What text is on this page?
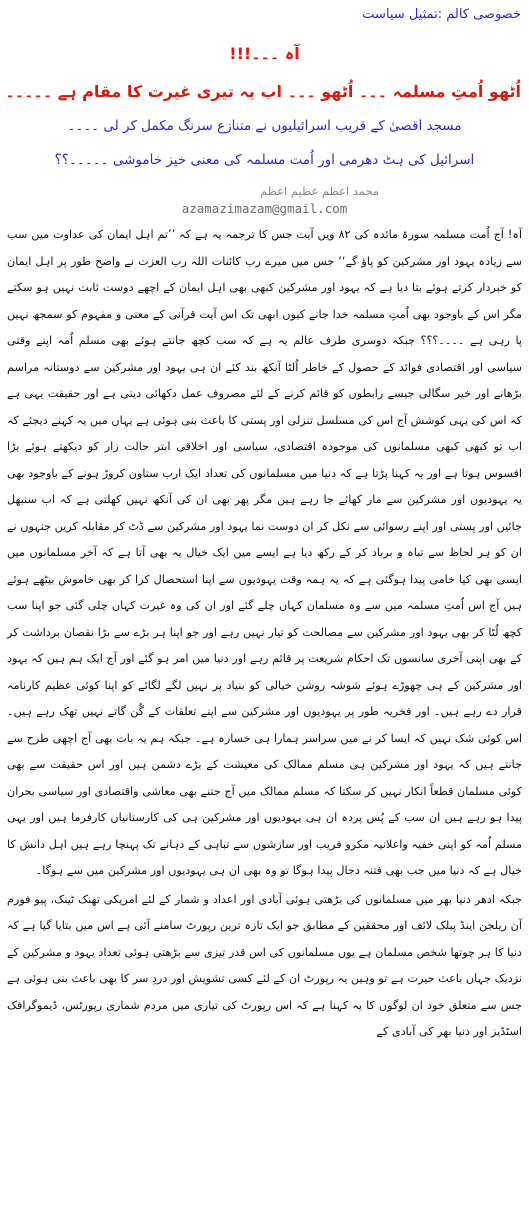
خصوصی کالم :تمثیل سیاست
آہ ۔۔۔!!!
اُٹھو اُمتِ مسلمہ ۔۔۔ اُٹھو ۔۔۔ اب یہ تیری غیرت کا مقام ہے ۔۔۔۔۔
مسجد اقصیٰ کے قریب اسرائیلیوں نے متنازع سرنگ مکمل کر لی ۔۔۔۔
اسرائیل کی ہٹ دھرمی اور اُمت مسلمہ کی معنی خیز خاموشی ۔۔۔۔۔؟؟
محمد اعظم عظیم اعظم
azamazimazam@gmail.com

آہ! آج اُمت مسلمہ سورۃ مائدہ کی ۸۲ ویں آیت جس کا ترجمہ یہ ہے کہ ’’تم اہل ایمان کی عداوت میں سب سے زیادہ یہود اور مشرکین کو پاؤ گے‘‘ جس میں میرے رب کائنات اللہ رب العزت نے واضح طور پر اہل ایمان کو خبردار کرتے ہوئے بتا دیا ہے کہ یہود اور مشرکین کبھی بھی اہل ایمان کے اچھے دوست ثابت نہیں ہو سکتے مگر اس کے باوجود بھی اُمتِ مسلمہ خدا جانے کیوں ابھی تک اس آیت قرآنی کے معنی و مفہوم کو سمجھ نہیں پا رہی ہے ۔۔۔۔؟؟؟ جبکہ دوسری طرف عالم یہ ہے کہ سب کچھ جانتے ہوئے بھی مسلم اُمہ اپنے وقتی سیاسی اور اقتصادی فوائد کے حصول کے خاطر اُلٹا آنکھ بند کئے ان ہی یہود اور مشرکین سے دوستانہ مراسم بڑھانے اور خیر سگالی جیسے رابطوں کو قائم کرنے کے لئے مصروف عمل دکھائی دیتی ہے اور حقیقت یہی ہے کہ اس کی یہی کوشش آج اس کی مسلسل تنزلی اور پستی کا باعث بنی ہوئی ہے یہاں میں یہ کہنے دیجئے کہ اب تو کبھی کبھی مسلمانوں کی موجودہ اقتصادی، سیاسی اور اخلاقی ابتر حالت زار کو دیکھتے ہوئے بڑا افسوس ہوتا ہے اور یہ کہنا پڑتا ہے کہ دنیا میں مسلمانوں کی تعداد ایک ارب ستاون کروڑ ہونے کے باوجود بھی یہ یہودیوں اور مشرکین سے مار کھائے جا رہے ہیں مگر پھر بھی ان کی آنکھ نہیں کھلتی ہے کہ اب سنبھل جائیں اور پستی اور اپنے رسوائی سے نکل کر ان دوست نما یہود اور مشرکین سے ڈٹ کر مقابلہ کریں جنہوں نے ان کو ہر لحاظ سے تباہ و برباد کر کے رکھ دیا ہے ایسے میں ایک خیال یہ بھی آتا ہے کہ آخر مسلمانوں میں ایسی بھی کیا خامی پیدا ہوگئی ہے کہ یہ ہمہ وقت یہودیوں سے اپنا استحصال کرا کر بھی خاموش بیٹھے ہوئے ہیں آج اس اُمتِ مسلمہ میں سے وہ مسلمان کہاں چلے گئے اور ان کی وہ غیرت کہاں چلی گئی جو اپنا سب کچھ لُٹا کر بھی یہود اور مشرکین سے مصالحت کو تیار نہیں رہے اور جو اپنا ہر بڑے سے بڑا نقصان برداشت کر کے بھی اپنی آخری سانسوں تک احکام شریعت پر قائم رہے اور دنیا میں امر ہو گئے اور آج ایک ہم ہیں کہ یہود اور مشرکین کے ہی چھوڑے ہوئے شوشہ روشن خیالی کو بنیاد پر نہیں لگے لگائے کو اپنا کوئی عظیم کارنامہ قرار دے رہے ہیں۔ اور فخریہ طور پر یہودیوں اور مشرکین سے اپنے تعلقات کے گُن گاتے نہیں تھک رہے ہیں۔ اس کوئی شک نہیں کہ ایسا کر نے میں سراسر ہمارا ہی خسارہ ہے۔ جبکہ ہم یہ بات بھی آج اچھی طرح سے جانتے ہیں کہ یہود اور مشرکین ہی مسلم ممالک کی معیشت کے بڑے دشمن ہیں اور اس حقیقت سے بھی کوئی مسلمان قطعاً انکار نہیں کر سکتا کہ مسلم ممالک میں آج جتنے بھی معاشی واقتصادی اور سیاسی بحران پیدا ہو رہے ہیں ان سب کے پُس پردہ ان ہی یہودیوں اور مشرکین ہی کی کارستانیاں کارفرما ہیں اور یہی مسلم اُمہ کو اپنی خفیہ واعلانیہ مکرو فریب اور سازشوں سے تباہی کے دہانے تک پہنچا رہے ہیں اہل دانش کا خیال ہے کہ دنیا میں جب بھی فتنہ دجال پیدا ہوگا تو وہ بھی ان ہی یہودیوں اور مشرکین میں سے ہوگا۔

جبکہ ادھر دنیا بھر میں مسلمانوں کی بڑھتی ہوئی آبادی اور اعداد و شمار کے لئے امریکی تھنک ٹینک، پیو فورم آن ریلجن اینڈ پبلک لائف اور محققین کے مطابق جو ایک تازہ ترین رپورٹ سامنے آئی ہے اس میں بتایا گیا ہے کہ دنیا کا ہر چوتھا شخص مسلمان ہے یوں مسلمانوں کی اس قدر تیزی سے بڑھتی ہوئی تعداد یہود و مشرکین کے نزدیک جہاں باعث حیرت ہے تو وہیں یہ رپورٹ ان کے لئے کسی تشویش اور دردِ سر کا بھی باعث بنی ہوئی ہے جس سے متعلق خود ان لوگوں کا یہ کہنا ہے کہ اس رپورٹ کی تیاری میں مردم شماری رپورٹس، ڈیموگرافک اسٹڈیز اور دنیا بھر کی آبادی کے
